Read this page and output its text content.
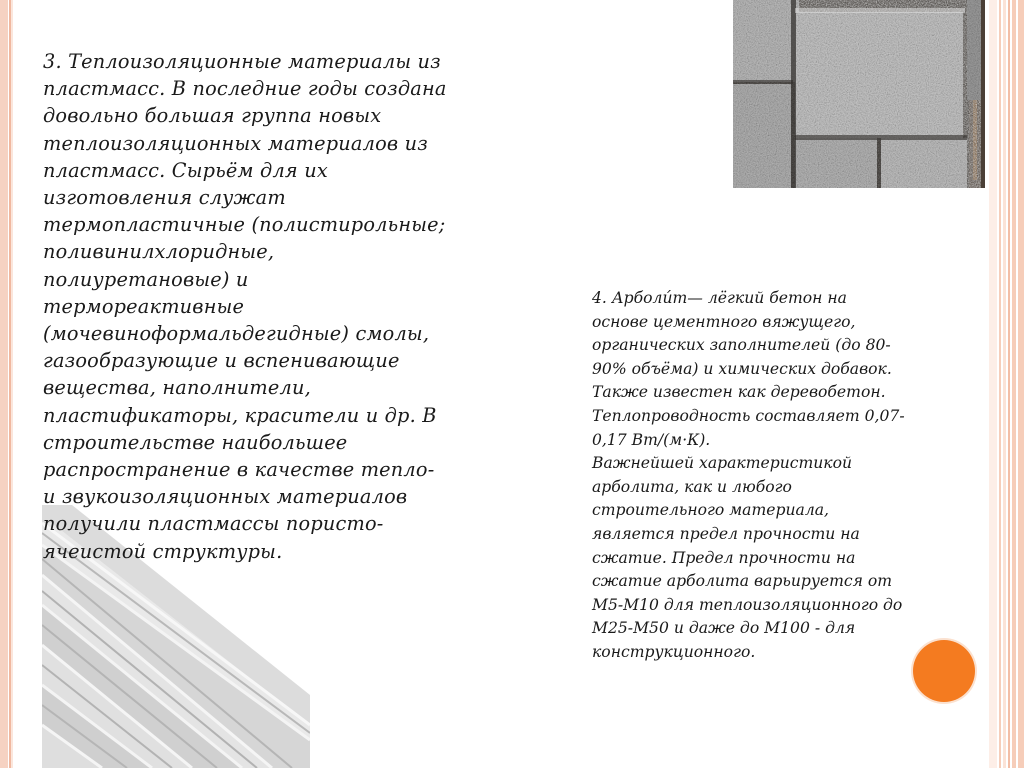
3. Теплоизоляционные материалы из
пластмасс. В последние годы создана
довольно большая группа новых
теплоизоляционных материалов из
пластмасс. Сырьём для их
изготовления служат
термопластичные (полистирольные;
поливинилхлоридные,
полиуретановые) и
термореактивные
(мочевиноформальдегидные) смолы,
газообразующие и вспенивающие
вещества, наполнители,
пластификаторы, красители и др. В
строительстве наибольшее
распространение в качестве тепло-
и звукоизоляционных материалов
получили пластмассы пористо-
ячеистой структуры.
4. Арболи́т— лёгкий бетон на
основе цементного вяжущего,
органических заполнителей (до 80-
90% объёма) и химических добавок.
Также известен как деревобетон.
Теплопроводность составляет 0,07-
0,17 Вт/(м·К).
Важнейшей характеристикой
арболита, как и любого
строительного материала,
является предел прочности на
сжатие. Предел прочности на
сжатие арболита варьируется от
М5-М10 для теплоизоляционного до
М25-М50 и даже до М100 - для
конструкционного.
